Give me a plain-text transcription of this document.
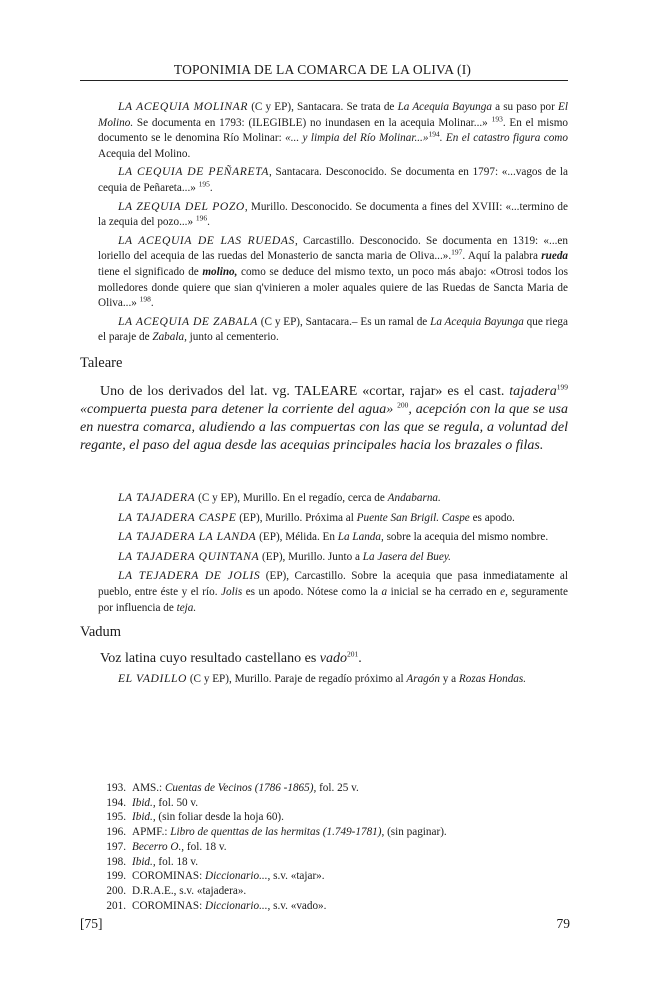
TOPONIMIA DE LA COMARCA DE LA OLIVA (I)

LA ACEQUIA MOLINAR (C y EP), Santacara. Se trata de La Acequia Bayunga a su paso por El Molino. Se documenta en 1793: (ILEGIBLE) no inundasen en la acequia Molinar...» $^{193}$. En el mismo documento se le denomina Río Molinar: «... y limpia del Río Molinar...»$^{194}$. En el catastro figura como Acequia del Molino.

LA CEQUIA DE PEÑARETA, Santacara. Desconocido. Se documenta en 1797: «...vagos de la cequia de Peñareta...» $^{195}$.

LA ZEQUIA DEL POZO, Murillo. Desconocido. Se documenta a fines del XVIII: «...termino de la zequia del pozo...» $^{196}$.

LA ACEQUIA DE LAS RUEDAS, Carcastillo. Desconocido. Se documenta en 1319: «...en loriello del acequia de las ruedas del Monasterio de sancta maria de Oliva...».$^{197}$. Aquí la palabra rueda tiene el significado de molino, como se deduce del mismo texto, un poco más abajo: «Otrosi todos los molledores donde quiere que sian q'vinieren a moler aquales quiere de las Ruedas de Sancta Maria de Oliva...» $^{198}$.

LA ACEQUIA DE ZABALA (C y EP), Santacara.– Es un ramal de La Acequia Bayunga que riega el paraje de Zabala, junto al cementerio.

Taleare

Uno de los derivados del lat. vg. TALEARE «cortar, rajar» es el cast. tajadera$^{199}$ «compuerta puesta para detener la corriente del agua» $^{200}$, acepción con la que se usa en nuestra comarca, aludiendo a las compuertas con las que se regula, a voluntad del regante, el paso del agua desde las acequias principales hacia los brazales o filas.

LA TAJADERA (C y EP), Murillo. En el regadío, cerca de Andabarna.

LA TAJADERA CASPE (EP), Murillo. Próxima al Puente San Brigil. Caspe es apodo.

LA TAJADERA LA LANDA (EP), Mélida. En La Landa, sobre la acequia del mismo nombre.

LA TAJADERA QUINTANA (EP), Murillo. Junto a La Jasera del Buey.

LA TEJADERA DE JOLIS (EP), Carcastillo. Sobre la acequia que pasa inmediatamente al pueblo, entre éste y el río. Jolis es un apodo. Nótese como la a inicial se ha cerrado en e, seguramente por influencia de teja.

Vadum

Voz latina cuyo resultado castellano es vado$^{201}$.

EL VADILLO (C y EP), Murillo. Paraje de regadío próximo al Aragón y a Rozas Hondas.

193. AMS.: Cuentas de Vecinos (1786 -1865), fol. 25 v.
194. Ibid., fol. 50 v.
195. Ibid., (sin foliar desde la hoja 60).
196. APMF.: Libro de quenttas de las hermitas (1.749-1781), (sin paginar).
197. Becerro O., fol. 18 v.
198. Ibid., fol. 18 v.
199. COROMINAS: Diccionario..., s.v. «tajar».
200. D.R.A.E., s.v. «tajadera».
201. COROMINAS: Diccionario..., s.v. «vado».
[75]	79
